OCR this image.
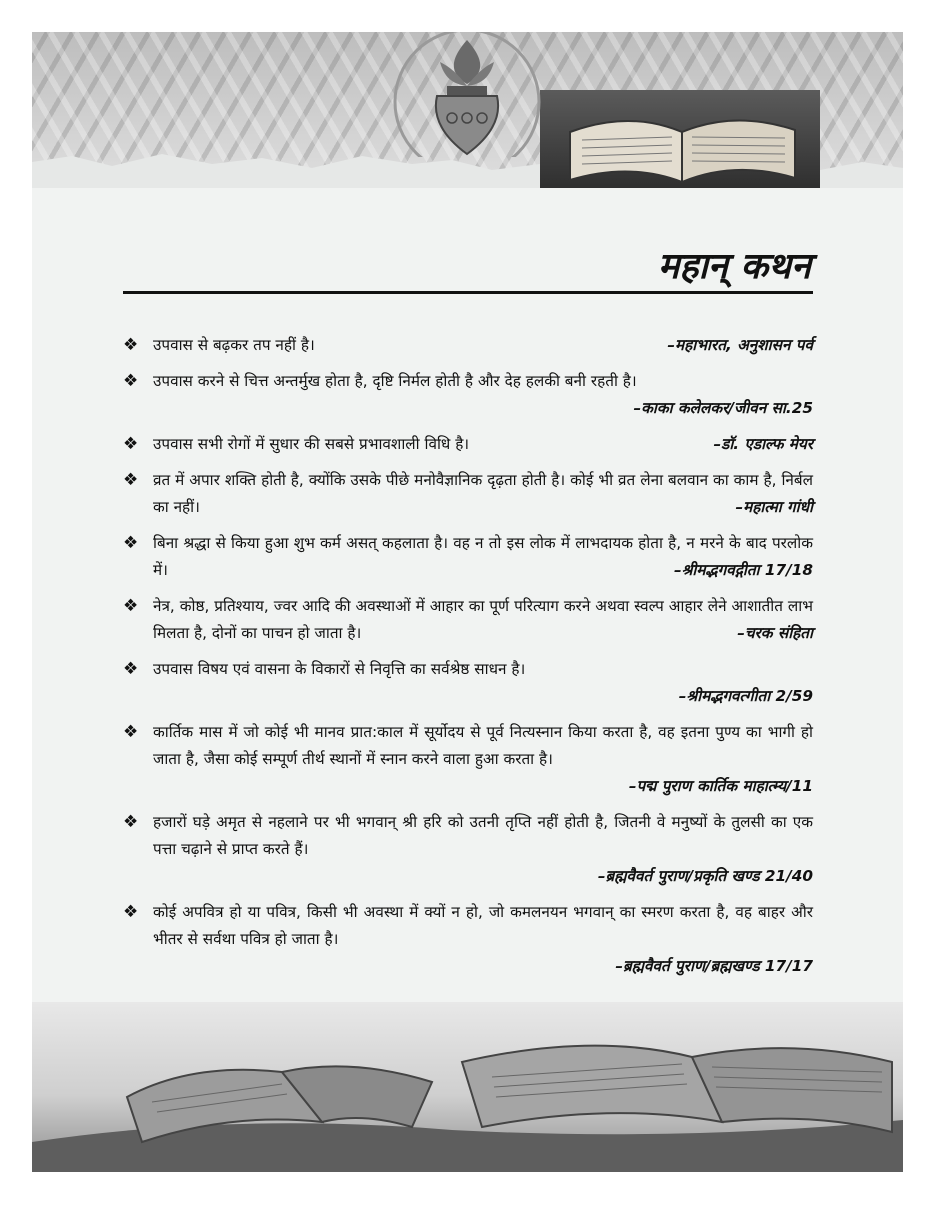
महान् कथन
❖	–महाभारत, अनुशासन पर्व
उपवास से बढ़कर तप नहीं है।
❖ उपवास करने से चित्त अन्तर्मुख होता है, दृष्टि निर्मल होती है और देह हलकी बनी रहती है।
–काका कलेलकर/जीवन सा.25
❖	–डॉ. एडाल्फ मेयर
उपवास सभी रोगों में सुधार की सबसे प्रभावशाली विधि है।
❖ व्रत में अपार शक्ति होती है, क्योंकि उसके पीछे मनोवैज्ञानिक दृढ़ता होती है। कोई भी व्रत लेना बलवान का काम है, निर्बल का नहीं।	–महात्मा गांधी
❖ बिना श्रद्धा से किया हुआ शुभ कर्म असत् कहलाता है। वह न तो इस लोक में लाभदायक होता है, न मरने के बाद परलोक में।	–श्रीमद्भगवद्गीता 17/18
❖ नेत्र, कोष्ठ, प्रतिश्याय, ज्वर आदि की अवस्थाओं में आहार का पूर्ण परित्याग करने अथवा स्वल्प आहार लेने आशातीत लाभ मिलता है, दोनों का पाचन हो जाता है।	–चरक संहिता
❖ उपवास विषय एवं वासना के विकारों से निवृत्ति का सर्वश्रेष्ठ साधन है।
–श्रीमद्भगवत्गीता 2/59
❖ कार्तिक मास में जो कोई भी मानव प्रात:काल में सूर्योदय से पूर्व नित्यस्नान किया करता है, वह इतना पुण्य का भागी हो जाता है, जैसा कोई सम्पूर्ण तीर्थ स्थानों में स्नान करने वाला हुआ करता है।
–पद्म पुराण कार्तिक माहात्म्य/11
❖ हजारों घड़े अमृत से नहलाने पर भी भगवान् श्री हरि को उतनी तृप्ति नहीं होती है, जितनी वे मनुष्यों के तुलसी का एक पत्ता चढ़ाने से प्राप्त करते हैं।
–ब्रह्मवैवर्त पुराण/प्रकृति खण्ड 21/40
❖ कोई अपवित्र हो या पवित्र, किसी भी अवस्था में क्यों न हो, जो कमलनयन भगवान् का स्मरण करता है, वह बाहर और भीतर से सर्वथा पवित्र हो जाता है।
–ब्रह्मवैवर्त पुराण/ब्रह्मखण्ड 17/17
